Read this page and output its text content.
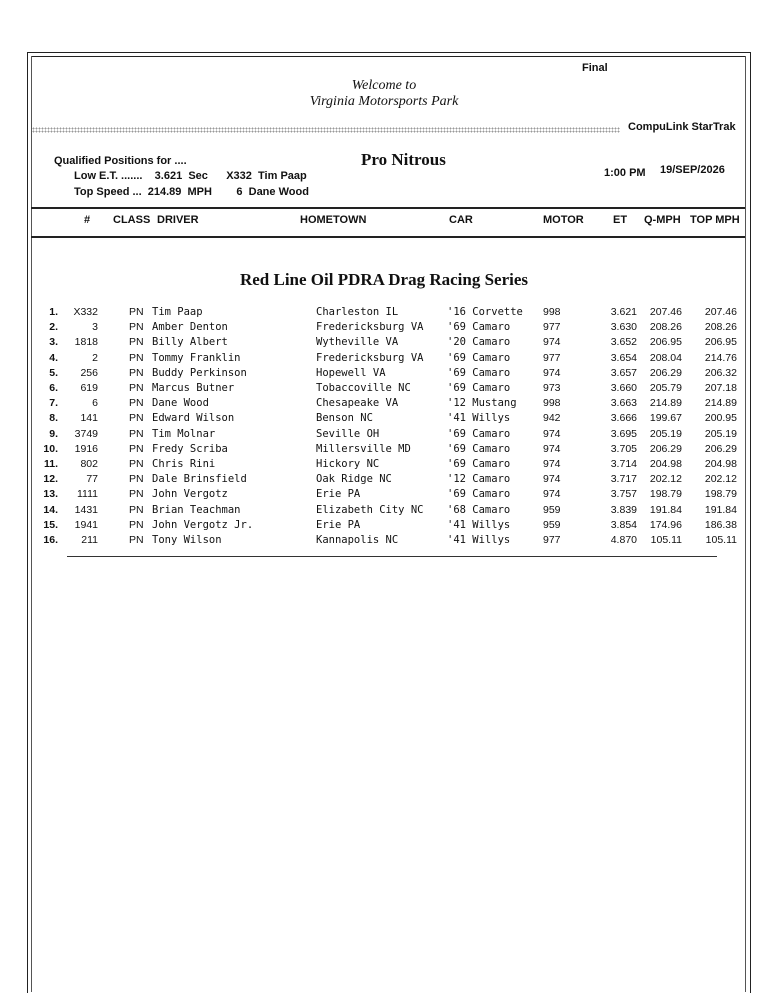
Final
Welcome to
Virginia Motorsports Park
CompuLink StarTrak
Qualified Positions for ....
Low E.T. .......    3.621  Sec      X332  Tim Paap
Top Speed ...  214.89  MPH        6  Dane Wood
Pro Nitrous
1:00 PM 19/SEP/2026
# CLASS DRIVER	HOMETOWN	CAR	MOTOR	ET Q-MPH TOP MPH
Red Line Oil PDRA Drag Racing Series
1.	X332	PN Tim Paap	Charleston IL	'16 Corvette 998	3.621	207.46	207.46
2.	3	PN Amber Denton	Fredericksburg VA '69 Camaro	977	3.630	208.26	208.26
3.	1818	PN Billy Albert	Wytheville VA	'20 Camaro	974	3.652	206.95	206.95
4.	2	PN Tommy Franklin	Fredericksburg VA '69 Camaro	977	3.654	208.04	214.76
5.	256	PN Buddy Perkinson	Hopewell VA	'69 Camaro	974	3.657	206.29	206.32
6.	619	PN Marcus Butner	Tobaccoville NC	'69 Camaro	973	3.660	205.79	207.18
7.	6	PN Dane Wood	Chesapeake VA	'12 Mustang	998	3.663	214.89	214.89
8.	141	PN Edward Wilson	Benson NC	'41 Willys	942	3.666	199.67	200.95
9.	3749	PN Tim Molnar	Seville OH	'69 Camaro	974	3.695	205.19	205.19
10.	1916	PN Fredy Scriba	Millersville MD	'69 Camaro	974	3.705	206.29	206.29
11.	802	PN Chris Rini	Hickory NC	'69 Camaro	974	3.714	204.98	204.98
12.	77	PN Dale Brinsfield	Oak Ridge NC	'12 Camaro	974	3.717	202.12	202.12
13.	1111	PN John Vergotz	Erie PA	'69 Camaro	974	3.757	198.79	198.79
14.	1431	PN Brian Teachman	Elizabeth City NC '68 Camaro	959	3.839	191.84	191.84
15.	1941	PN John Vergotz Jr.	Erie PA	'41 Willys	959	3.854	174.96	186.38
16.	211	PN Tony Wilson	Kannapolis NC	'41 Willys	977	4.870	105.11	105.11
